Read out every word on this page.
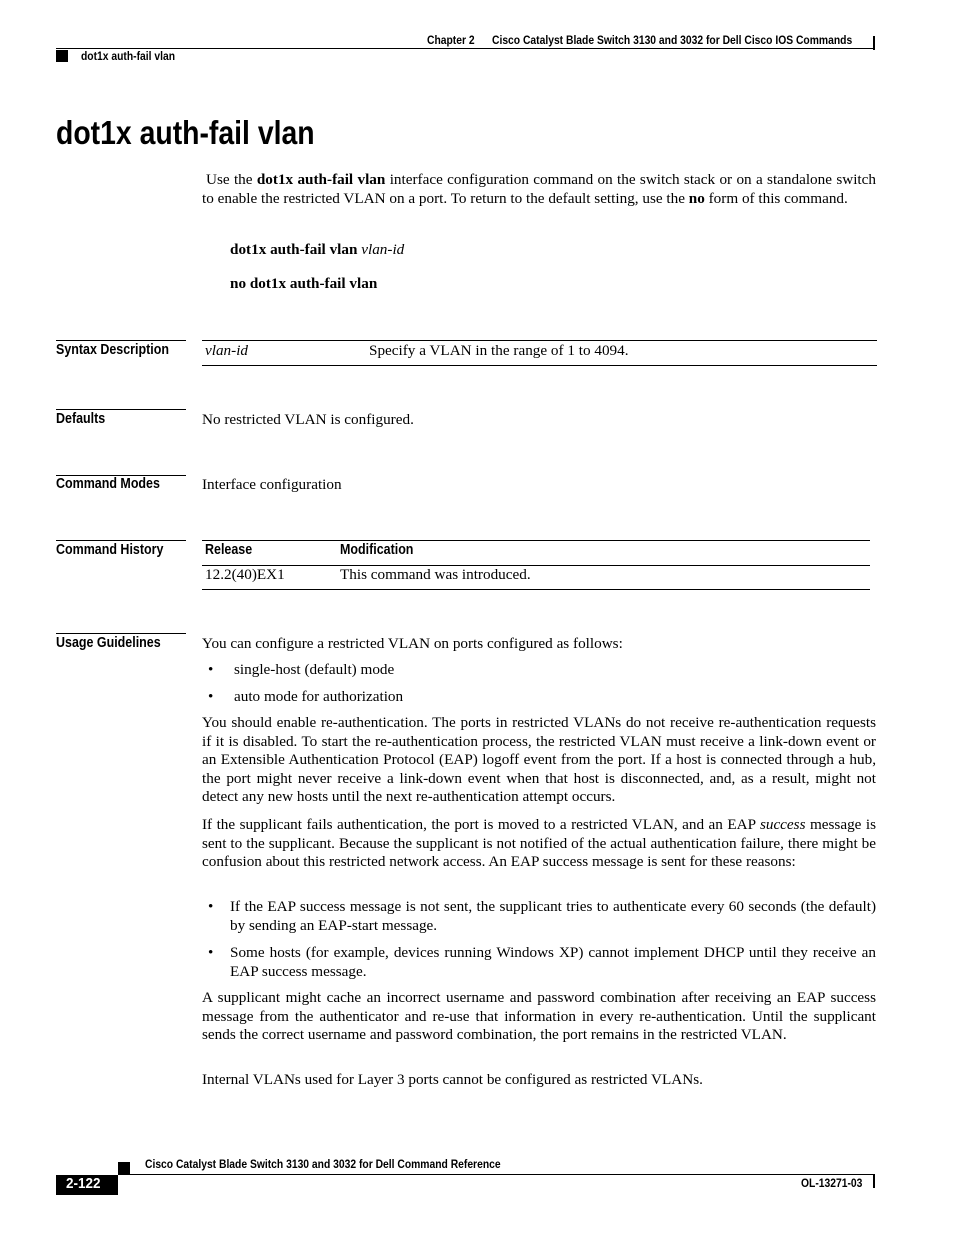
Chapter 2 Cisco Catalyst Blade Switch 3130 and 3032 for Dell Cisco IOS Commands
dot1x auth-fail vlan
dot1x auth-fail vlan

Use the dot1x auth-fail vlan interface configuration command on the switch stack or on a standalone switch to enable the restricted VLAN on a port. To return to the default setting, use the no form of this command.

dot1x auth-fail vlan vlan-id
no dot1x auth-fail vlan
Syntax Description vlan-id	Specify a VLAN in the range of 1 to 4094.
Defaults	No restricted VLAN is configured.
Command Modes	Interface configuration
Command History	Release	Modification
12.2(40)EX1	This command was introduced.
Usage Guidelines	You can configure a restricted VLAN on ports configured as follows:
• single-host (default) mode
• auto mode for authorization

You should enable re-authentication. The ports in restricted VLANs do not receive re-authentication requests if it is disabled. To start the re-authentication process, the restricted VLAN must receive a link-down event or an Extensible Authentication Protocol (EAP) logoff event from the port. If a host is connected through a hub, the port might never receive a link-down event when that host is disconnected, and, as a result, might not detect any new hosts until the next re-authentication attempt occurs.

If the supplicant fails authentication, the port is moved to a restricted VLAN, and an EAP success message is sent to the supplicant. Because the supplicant is not notified of the actual authentication failure, there might be confusion about this restricted network access. An EAP success message is sent for these reasons:

• If the EAP success message is not sent, the supplicant tries to authenticate every 60 seconds (the default) by sending an EAP-start message.
• Some hosts (for example, devices running Windows XP) cannot implement DHCP until they receive an EAP success message.

A supplicant might cache an incorrect username and password combination after receiving an EAP success message from the authenticator and re-use that information in every re-authentication. Until the supplicant sends the correct username and password combination, the port remains in the restricted VLAN.

Internal VLANs used for Layer 3 ports cannot be configured as restricted VLANs.

Cisco Catalyst Blade Switch 3130 and 3032 for Dell Command Reference
2-122	OL-13271-03
